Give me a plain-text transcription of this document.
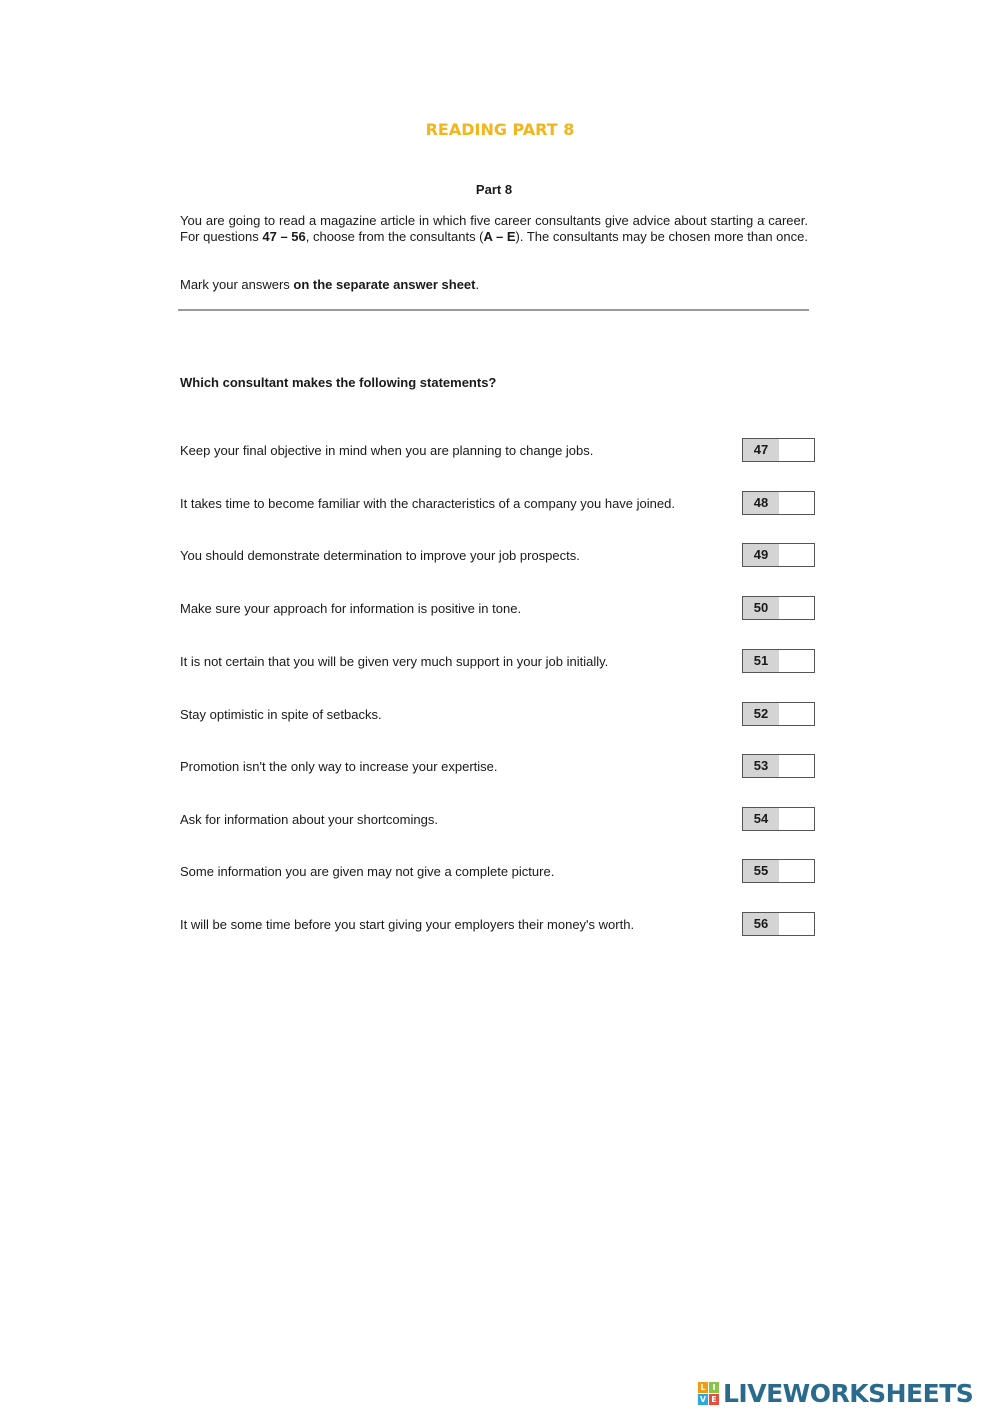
READING PART 8
Part 8
You are going to read a magazine article in which five career consultants give advice about starting a career. For questions 47 – 56, choose from the consultants (A – E). The consultants may be chosen more than once.
Mark your answers on the separate answer sheet.
Which consultant makes the following statements?
Keep your final objective in mind when you are planning to change jobs.	47
It takes time to become familiar with the characteristics of a company you have joined.	48
You should demonstrate determination to improve your job prospects.	49
Make sure your approach for information is positive in tone.	50
It is not certain that you will be given very much support in your job initially.	51
Stay optimistic in spite of setbacks.	52
Promotion isn't the only way to increase your expertise.	53
Ask for information about your shortcomings.	54
Some information you are given may not give a complete picture.	55
It will be some time before you start giving your employers their money's worth.	56
L I
V E LIVEWORKSHEETS
